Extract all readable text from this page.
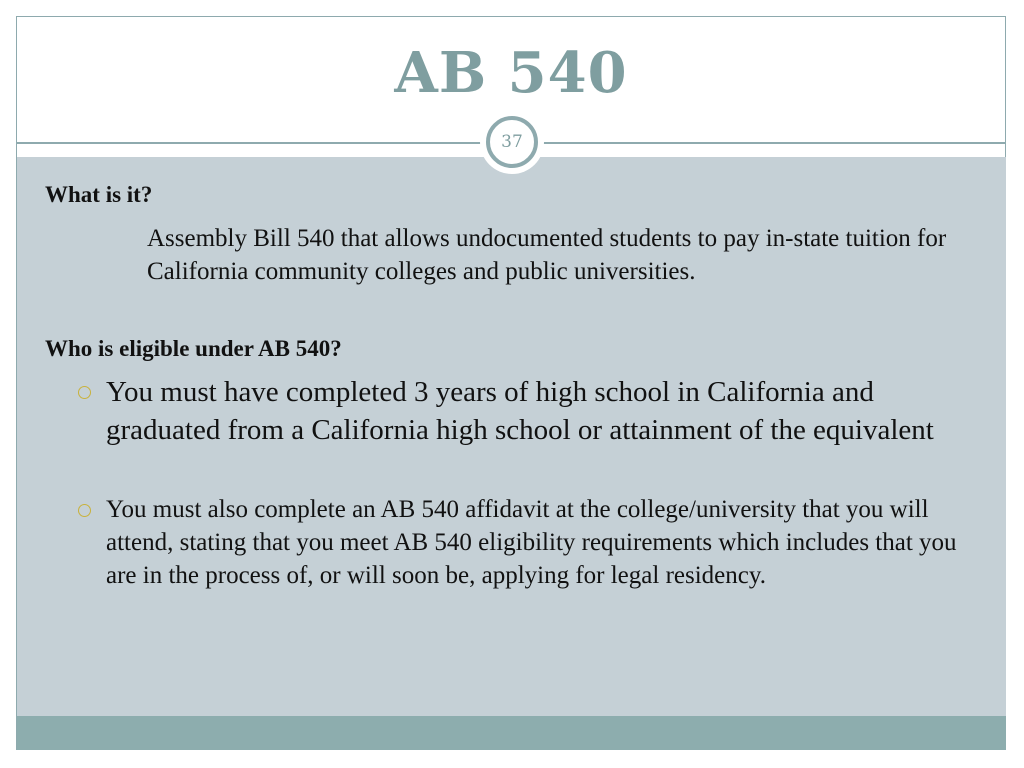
AB 540
37
What is it?
Assembly Bill 540 that allows undocumented students to pay in-state tuition for California community colleges and public universities.
Who is eligible under AB 540?
You must have completed 3 years of high school in California and graduated from a California high school or attainment of the equivalent
You must also complete an AB 540 affidavit at the college/university that you will attend, stating that you meet AB 540 eligibility requirements which includes that you are in the process of, or will soon be, applying for legal residency.
